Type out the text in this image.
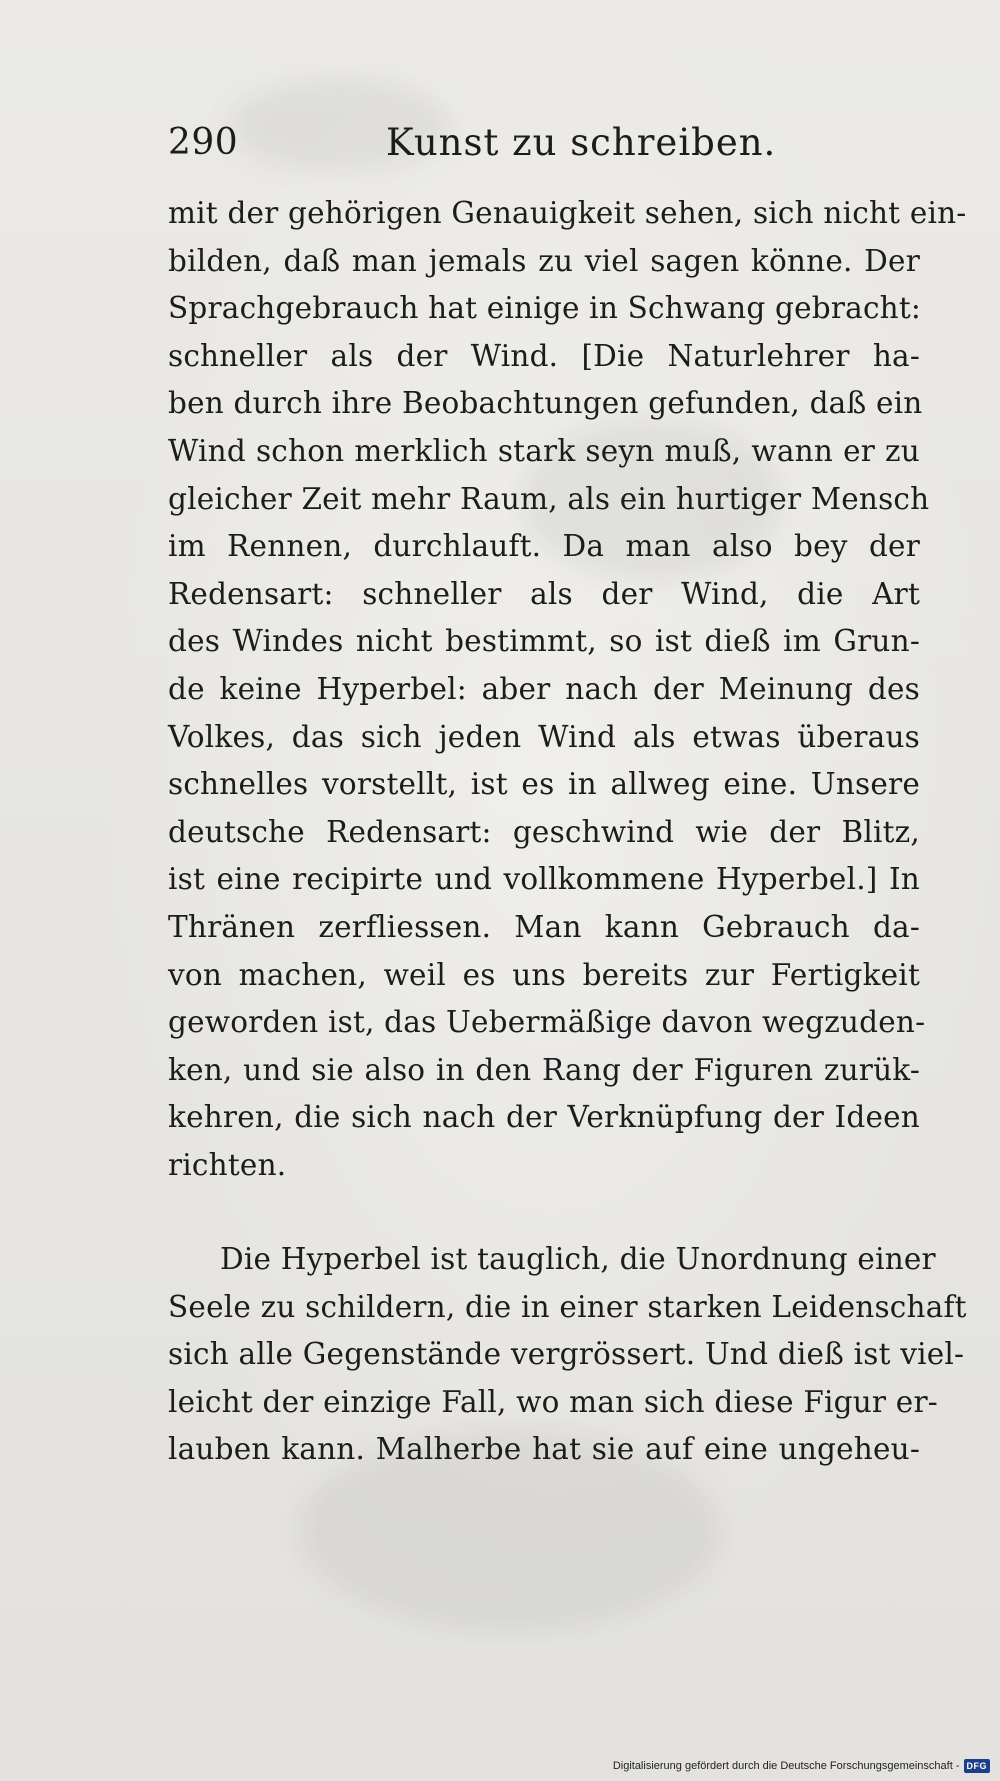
290	Kunst zu schreiben.
mit der gehörigen Genauigkeit sehen, sich nicht ein-
bilden, daß man jemals zu viel sagen könne. Der
Sprachgebrauch hat einige in Schwang gebracht:
schneller als der Wind. [Die Naturlehrer ha-
ben durch ihre Beobachtungen gefunden, daß ein
Wind schon merklich stark seyn muß, wann er zu
gleicher Zeit mehr Raum, als ein hurtiger Mensch
im Rennen, durchlauft. Da man also bey der
Redensart: schneller als der Wind, die Art
des Windes nicht bestimmt, so ist dieß im Grun-
de keine Hyperbel: aber nach der Meinung des
Volkes, das sich jeden Wind als etwas überaus
schnelles vorstellt, ist es in allweg eine. Unsere
deutsche Redensart: geschwind wie der Blitz,
ist eine recipirte und vollkommene Hyperbel.] In
Thränen zerfliessen. Man kann Gebrauch da-
von machen, weil es uns bereits zur Fertigkeit
geworden ist, das Uebermäßige davon wegzuden-
ken, und sie also in den Rang der Figuren zurük-
kehren, die sich nach der Verknüpfung der Ideen
richten.
Die Hyperbel ist tauglich, die Unordnung einer
Seele zu schildern, die in einer starken Leidenschaft
sich alle Gegenstände vergrössert. Und dieß ist viel-
leicht der einzige Fall, wo man sich diese Figur er-
lauben kann. Malherbe hat sie auf eine ungeheu-
Digitalisierung gefördert durch die Deutsche Forschungsgemeinschaft - DFG
